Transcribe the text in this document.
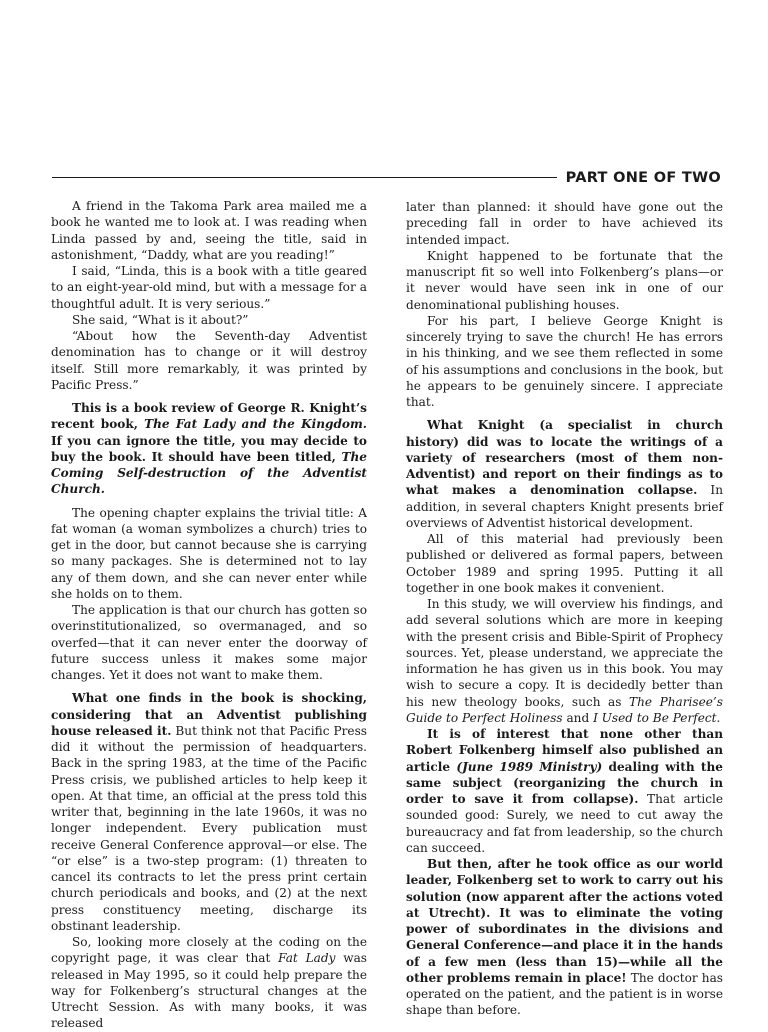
PART ONE OF TWO

A friend in the Takoma Park area mailed me a book he wanted me to look at. I was reading when Linda passed by and, seeing the title, said in astonishment, “Daddy, what are you reading!”

I said, “Linda, this is a book with a title geared to an eight-year-old mind, but with a message for a thoughtful adult. It is very serious.”

She said, “What is it about?”

“About how the Seventh-day Adventist denomination has to change or it will destroy itself. Still more remarkably, it was printed by Pacific Press.”

This is a book review of George R. Knight’s recent book, The Fat Lady and the Kingdom. If you can ignore the title, you may decide to buy the book. It should have been titled, The Coming Self-destruction of the Adventist Church.

The opening chapter explains the trivial title: A fat woman (a woman symbolizes a church) tries to get in the door, but cannot because she is carrying so many packages. She is determined not to lay any of them down, and she can never enter while she holds on to them.

The application is that our church has gotten so overinstitutionalized, so overmanaged, and so overfed—that it can never enter the doorway of future success unless it makes some major changes. Yet it does not want to make them.

What one finds in the book is shocking, considering that an Adventist publishing house released it. But think not that Pacific Press did it without the permission of headquarters. Back in the spring 1983, at the time of the Pacific Press crisis, we published articles to help keep it open. At that time, an official at the press told this writer that, beginning in the late 1960s, it was no longer independent. Every publication must receive General Conference approval—or else. The “or else” is a two-step program: (1) threaten to cancel its contracts to let the press print certain church periodicals and books, and (2) at the next press constituency meeting, discharge its obstinant leadership.

So, looking more closely at the coding on the copyright page, it was clear that Fat Lady was released in May 1995, so it could help prepare the way for Folkenberg’s structural changes at the Utrecht Session. As with many books, it was released

later than planned: it should have gone out the preceding fall in order to have achieved its intended impact.

Knight happened to be fortunate that the manuscript fit so well into Folkenberg’s plans—or it never would have seen ink in one of our denominational publishing houses.

For his part, I believe George Knight is sincerely trying to save the church! He has errors in his thinking, and we see them reflected in some of his assumptions and conclusions in the book, but he appears to be genuinely sincere. I appreciate that.

What Knight (a specialist in church history) did was to locate the writings of a variety of researchers (most of them non-Adventist) and report on their findings as to what makes a denomination collapse. In addition, in several chapters Knight presents brief overviews of Adventist historical development.

All of this material had previously been published or delivered as formal papers, between October 1989 and spring 1995. Putting it all together in one book makes it convenient.

In this study, we will overview his findings, and add several solutions which are more in keeping with the present crisis and Bible-Spirit of Prophecy sources. Yet, please understand, we appreciate the information he has given us in this book. You may wish to secure a copy. It is decidedly better than his new theology books, such as The Pharisee’s Guide to Perfect Holiness and I Used to Be Perfect.

It is of interest that none other than Robert Folkenberg himself also published an article (June 1989 Ministry) dealing with the same subject (reorganizing the church in order to save it from collapse). That article sounded good: Surely, we need to cut away the bureaucracy and fat from leadership, so the church can succeed.

But then, after he took office as our world leader, Folkenberg set to work to carry out his solution (now apparent after the actions voted at Utrecht). It was to eliminate the voting power of subordinates in the divisions and General Conference—and place it in the hands of a few men (less than 15)—while all the other problems remain in place! The doctor has operated on the patient, and the patient is in worse shape than before.
